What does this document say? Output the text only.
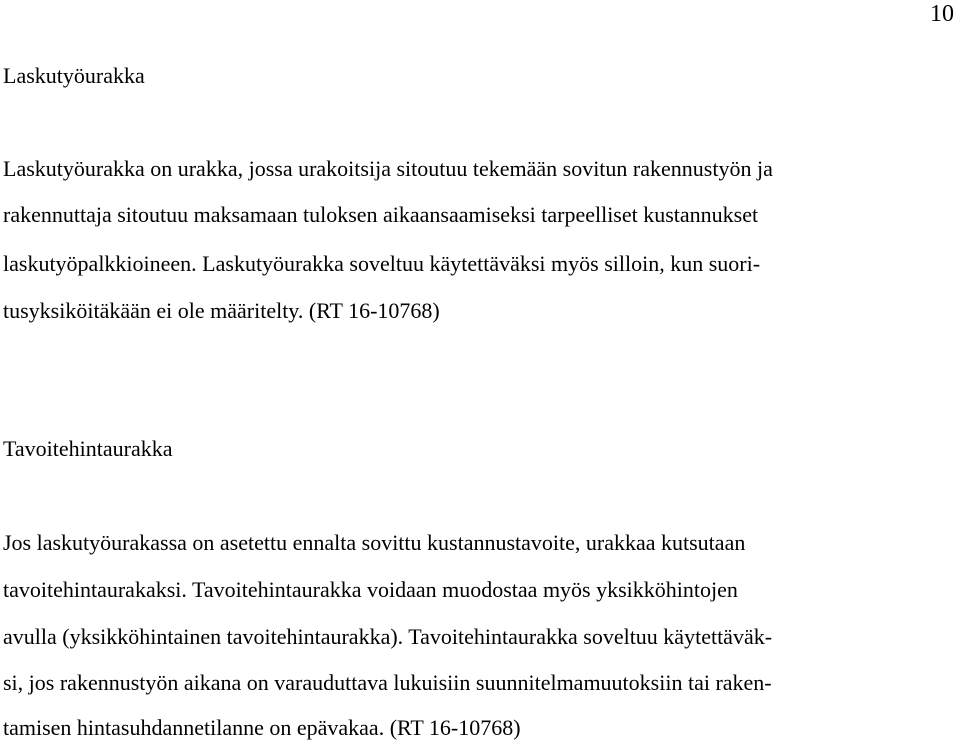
10
Laskutyöurakka
Laskutyöurakka on urakka, jossa urakoitsija sitoutuu tekemään sovitun rakennustyön ja
rakennuttaja sitoutuu maksamaan tuloksen aikaansaamiseksi tarpeelliset kustannukset
laskutyöpalkkioineen. Laskutyöurakka soveltuu käytettäväksi myös silloin, kun suori-
tusyksiköitäkään ei ole määritelty. (RT 16-10768)
Tavoitehintaurakka
Jos laskutyöurakassa on asetettu ennalta sovittu kustannustavoite, urakkaa kutsutaan
tavoitehintaurakaksi. Tavoitehintaurakka voidaan muodostaa myös yksikköhintojen
avulla (yksikköhintainen tavoitehintaurakka). Tavoitehintaurakka soveltuu käytettäväk-
si, jos rakennustyön aikana on varauduttava lukuisiin suunnitelmamuutoksiin tai raken-
tamisen hintasuhdannetilanne on epävakaa. (RT 16-10768)
